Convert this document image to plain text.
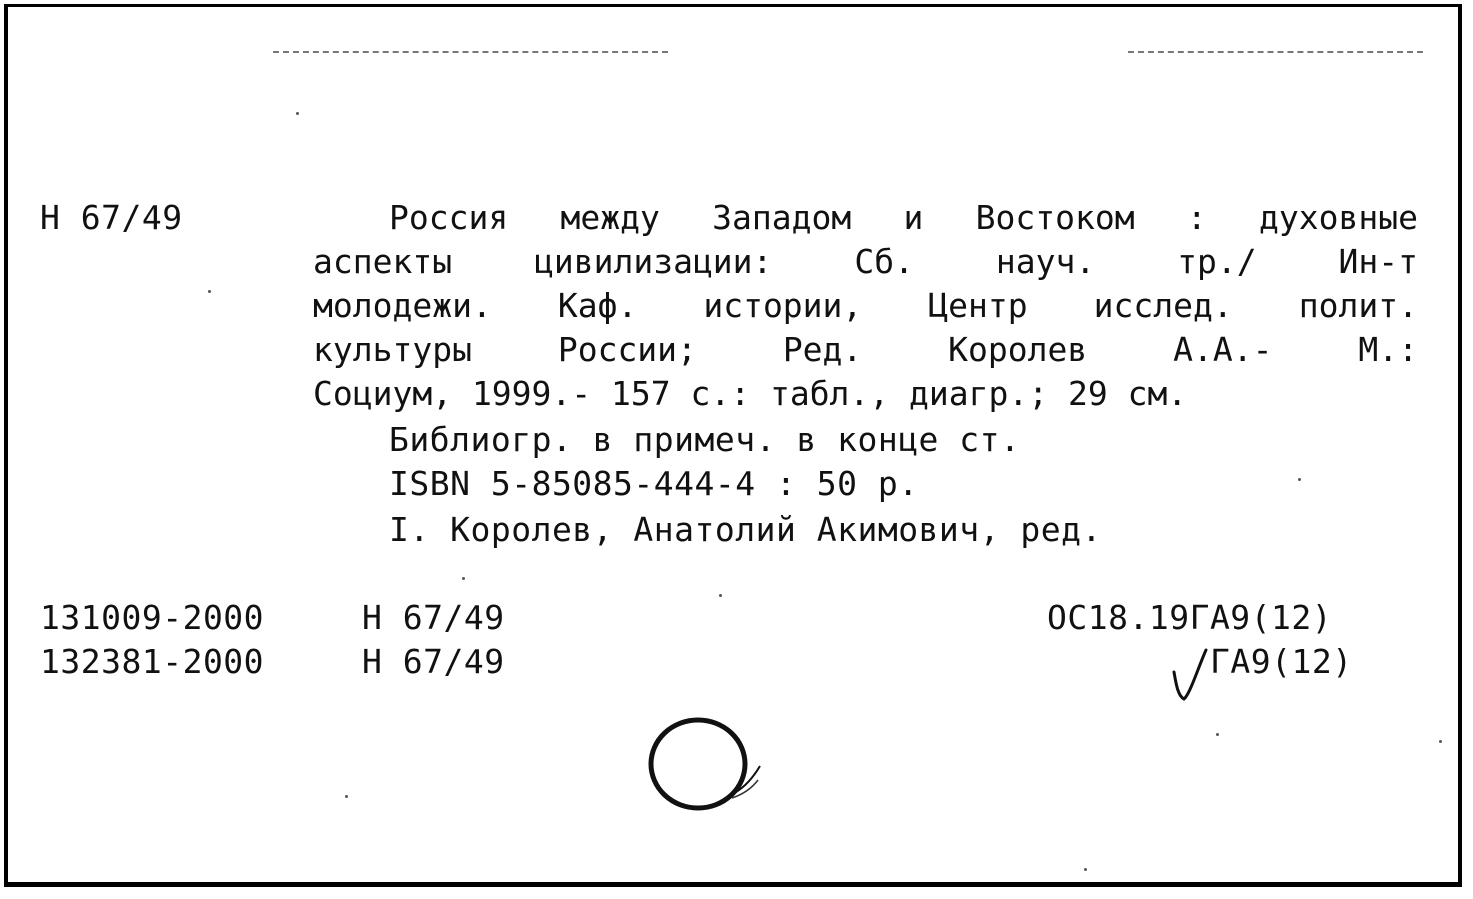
Н 67/49	Россия между Западом и Востоком : духовные
аспекты цивилизации: Сб. науч. тр./ Ин-т
молодежи. Каф. истории, Центр исслед. полит.
культуры России; Ред. Королев А.А.- М.:
Социум, 1999.- 157 с.: табл., диагр.; 29 см.
Библиогр. в примеч. в конце ст.
ISBN 5-85085-444-4 : 50 р.
I. Королев, Анатолий Акимович, ред.
131009-2000	Н 67/49	ОС18.19ГА9(12)
132381-2000	Н 67/49	ГА9(12)
